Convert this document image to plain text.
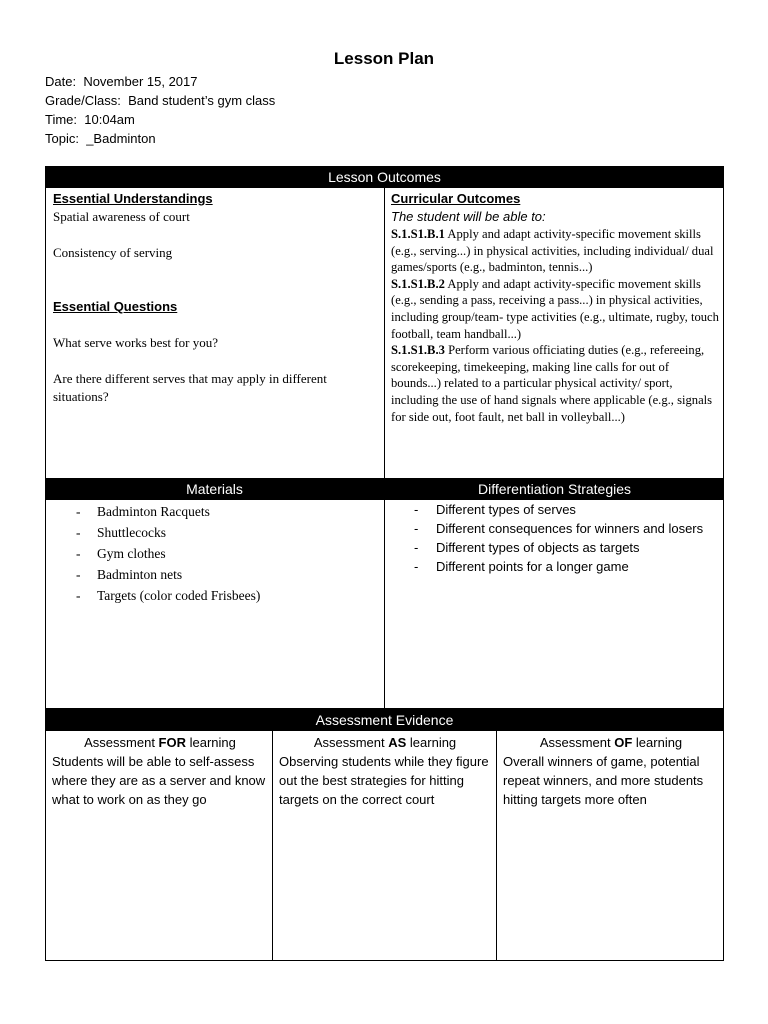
Lesson Plan
Date: November 15, 2017
Grade/Class: Band student’s gym class
Time: 10:04am
Topic: _Badminton
Lesson Outcomes
Essential Understandings
Spatial awareness of court
Consistency of serving
Essential Questions
What serve works best for you?
Are there different serves that may apply in different situations?
Curricular Outcomes
The student will be able to:

S.1.S1.B.1 Apply and adapt activity-specific movement skills (e.g., serving...) in physical activities, including individual/ dual games/sports (e.g., badminton, tennis...)

S.1.S1.B.2 Apply and adapt activity-specific movement skills (e.g., sending a pass, receiving a pass...) in physical activities, including group/team- type activities (e.g., ultimate, rugby, touch football, team handball...)

S.1.S1.B.3 Perform various officiating duties (e.g., refereeing, scorekeeping, timekeeping, making line calls for out of bounds...) related to a particular physical activity/ sport, including the use of hand signals where applicable (e.g., signals for side out, foot fault, net ball in volleyball...)

Materials	Differentiation Strategies
- Badminton Racquets
- Shuttlecocks
- Gym clothes
- Badminton nets
- Targets (color coded Frisbees)
- Different types of serves
- Different consequences for winners and losers
- Different types of objects as targets
- Different points for a longer game
Assessment Evidence
Assessment FOR learning
Students will be able to self-assess where they are as a server and know what to work on as they go
Assessment AS learning
Observing students while they figure out the best strategies for hitting targets on the correct court
Assessment OF learning
Overall winners of game, potential repeat winners, and more students hitting targets more often
